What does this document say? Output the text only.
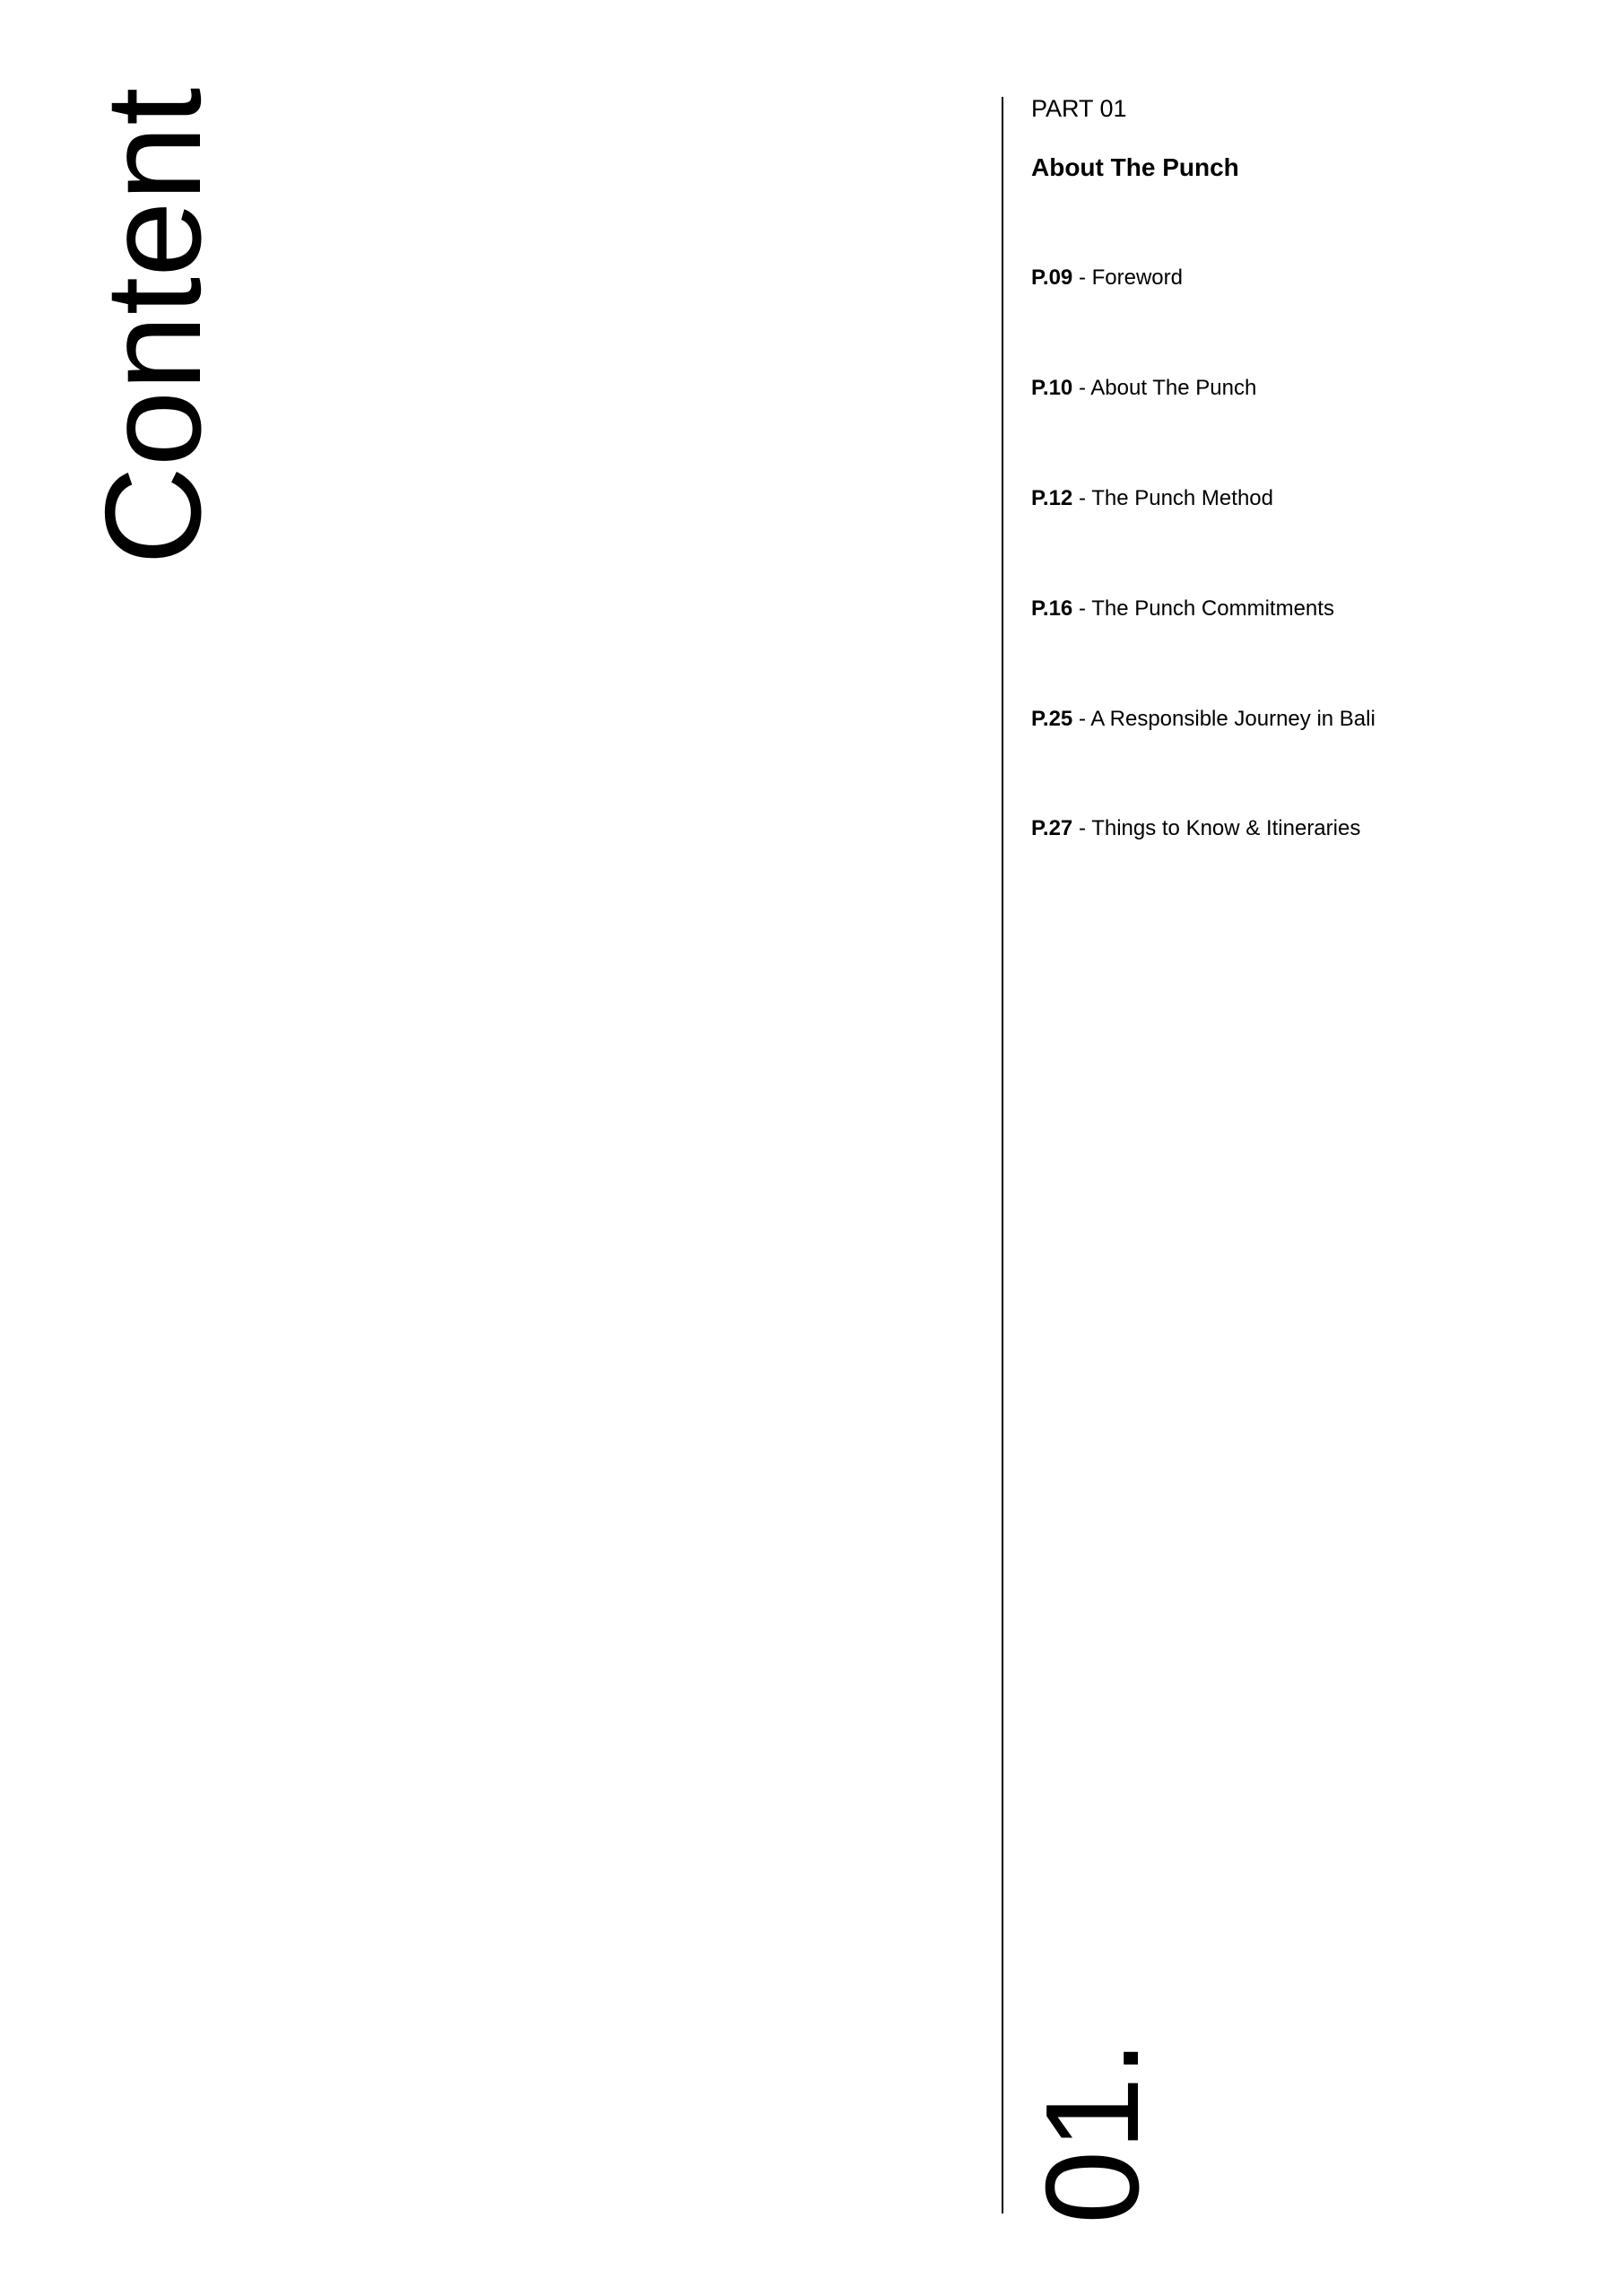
Content	PART 01
About The Punch
P.09 - Foreword
P.10 - About The Punch
P.12 - The Punch Method
P.16 - The Punch Commitments
P.25 - A Responsible Journey in Bali
P.27 - Things to Know & Itineraries
01.
